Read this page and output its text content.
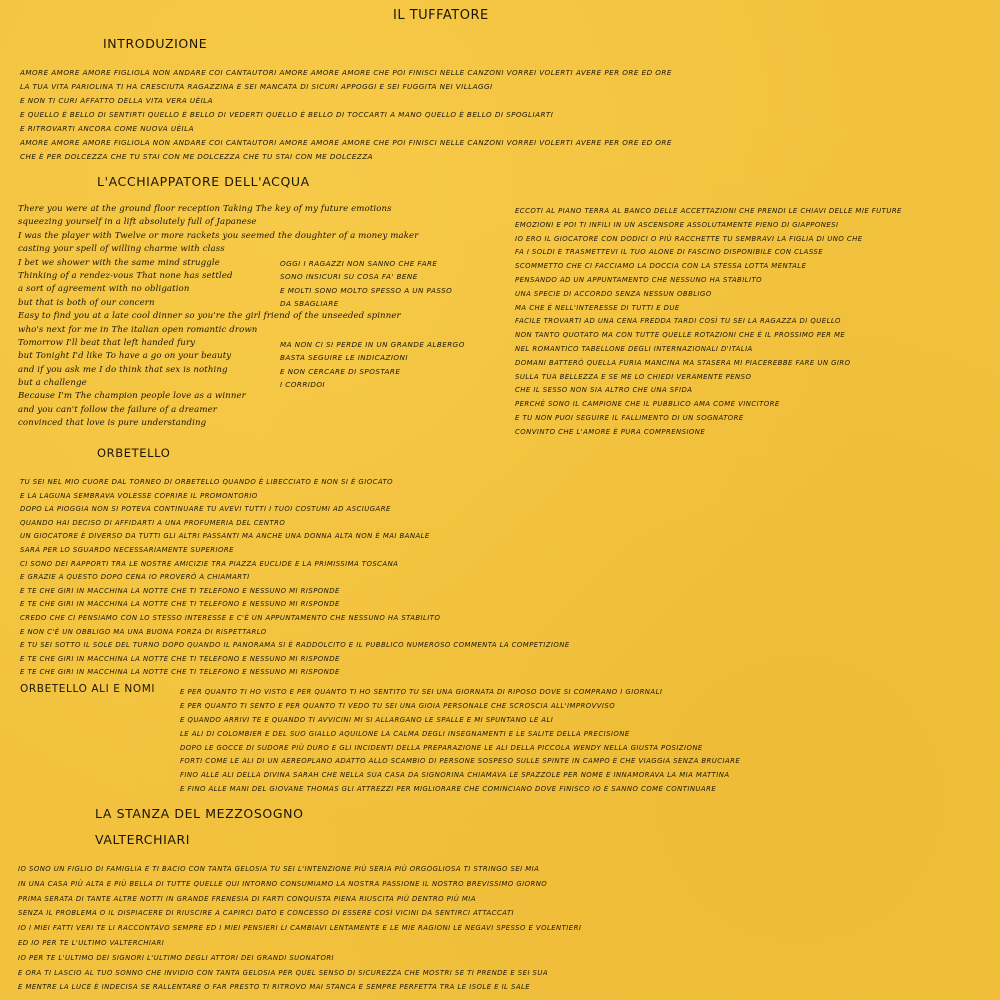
IL TUFFATORE
INTRODUZIONE
AMORE AMORE AMORE FIGLIOLA NON ANDARE COI CANTAUTORI AMORE AMORE AMORE CHE POI FINISCI NELLE CANZONI VORREI VOLERTI AVERE PER ORE ED ORE
LA TUA VITA PARIOLINA TI HA CRESCIUTA RAGAZZINA E SEI MANCATA DI SICURI APPOGGI E SEI FUGGITA NEI VILLAGGI
E NON TI CURI AFFATTO DELLA VITA VERA UÈILA
E QUELLO È BELLO DI SENTIRTI QUELLO È BELLO DI VEDERTI QUELLO È BELLO DI TOCCARTI A MANO QUELLO È BELLO DI SPOGLIARTI
E RITROVARTI ANCORA COME NUOVA UÈILA
AMORE AMORE AMORE FIGLIOLA NON ANDARE COI CANTAUTORI AMORE AMORE AMORE CHE POI FINISCI NELLE CANZONI VORREI VOLERTI AVERE PER ORE ED ORE
CHE È PER DOLCEZZA CHE TU STAI CON ME DOLCEZZA CHE TU STAI CON ME DOLCEZZA
L'ACCHIAPPATORE DELL'ACQUA
There you were at the ground floor reception Taking The key of my future emotions
squeezing yourself in a lift absolutely full of Japanese
I was the player with Twelve or more rackets you seemed the doughter of a money maker
casting your spell of willing charme with class
I bet we shower with the same mind struggle
Thinking of a rendez-vous That none has settled
a sort of agreement with no obligation
but that is both of our concern
Easy to find you at a late cool dinner so you're the girl friend of the unseeded spinner
who's next for me in The italian open romantic drown
Tomorrow I'll beat that left handed fury
but Tonight I'd like To have a go on your beauty
and if you ask me I do think that sex is nothing
but a challenge
Because I'm The champion people love as a winner
and you can't follow the failure of a dreamer
convinced that love is pure understanding
OGGI I RAGAZZI NON SANNO CHE FARE
SONO INSICURI SU COSA FA' BENE
E MOLTI SONO MOLTO SPESSO A UN PASSO
DA SBAGLIARE
MA NON CI SI PERDE IN UN GRANDE ALBERGO
BASTA SEGUIRE LE INDICAZIONI
E NON CERCARE DI SPOSTARE
I CORRIDOI
ECCOTI AL PIANO TERRA AL BANCO DELLE ACCETTAZIONI CHE PRENDI LE CHIAVI DELLE MIE FUTURE
EMOZIONI E POI TI INFILI IN UN ASCENSORE ASSOLUTAMENTE PIENO DI GIAPPONESI
IO ERO IL GIOCATORE CON DODICI O PIÙ RACCHETTE TU SEMBRAVI LA FIGLIA DI UNO CHE
FA I SOLDI E TRASMETTEVI IL TUO ALONE DI FASCINO DISPONIBILE CON CLASSE
SCOMMETTO CHE CI FACCIAMO LA DOCCIA CON LA STESSA LOTTA MENTALE
PENSANDO AD UN APPUNTAMENTO CHE NESSUNO HA STABILITO
UNA SPECIE DI ACCORDO SENZA NESSUN OBBLIGO
MA CHE È NELL'INTERESSE DI TUTTI E DUE
FACILE TROVARTI AD UNA CENA FREDDA TARDI COSÌ TU SEI LA RAGAZZA DI QUELLO
NON TANTO QUOTATO MA CON TUTTE QUELLE ROTAZIONI CHE È IL PROSSIMO PER ME
NEL ROMANTICO TABELLONE DEGLI INTERNAZIONALI D'ITALIA
DOMANI BATTERÒ QUELLA FURIA MANCINA MA STASERA MI PIACEREBBE FARE UN GIRO
SULLA TUA BELLEZZA E SE ME LO CHIEDI VERAMENTE PENSO
CHE IL SESSO NON SIA ALTRO CHE UNA SFIDA
PERCHÉ SONO IL CAMPIONE CHE IL PUBBLICO AMA COME VINCITORE
E TU NON PUOI SEGUIRE IL FALLIMENTO DI UN SOGNATORE
CONVINTO CHE L'AMORE È PURA COMPRENSIONE
ORBETELLO
TU SEI NEL MIO CUORE DAL TORNEO DI ORBETELLO QUANDO È LIBECCIATO E NON SI È GIOCATO
E LA LAGUNA SEMBRAVA VOLESSE COPRIRE IL PROMONTORIO
DOPO LA PIOGGIA NON SI POTEVA CONTINUARE TU AVEVI TUTTI I TUOI COSTUMI AD ASCIUGARE
QUANDO HAI DECISO DI AFFIDARTI A UNA PROFUMERIA DEL CENTRO
UN GIOCATORE È DIVERSO DA TUTTI GLI ALTRI PASSANTI MA ANCHE UNA DONNA ALTA NON È MAI BANALE
SARÀ PER LO SGUARDO NECESSARIAMENTE SUPERIORE
CI SONO DEI RAPPORTI TRA LE NOSTRE AMICIZIE TRA PIAZZA EUCLIDE E LA PRIMISSIMA TOSCANA
E GRAZIE A QUESTO DOPO CENA IO PROVERÒ A CHIAMARTI
E TE CHE GIRI IN MACCHINA LA NOTTE CHE TI TELEFONO E NESSUNO MI RISPONDE
E TE CHE GIRI IN MACCHINA LA NOTTE CHE TI TELEFONO E NESSUNO MI RISPONDE
CREDO CHE CI PENSIAMO CON LO STESSO INTERESSE E C'È UN APPUNTAMENTO CHE NESSUNO HA STABILITO
E NON C'È UN OBBLIGO MA UNA BUONA FORZA DI RISPETTARLO
E TU SEI SOTTO IL SOLE DEL TURNO DOPO QUANDO IL PANORAMA SI È RADDOLCITO E IL PUBBLICO NUMEROSO COMMENTA LA COMPETIZIONE
E TE CHE GIRI IN MACCHINA LA NOTTE CHE TI TELEFONO E NESSUNO MI RISPONDE
E TE CHE GIRI IN MACCHINA LA NOTTE CHE TI TELEFONO E NESSUNO MI RISPONDE
ORBETELLO ALI E NOMI	E PER QUANTO TI HO VISTO E PER QUANTO TI HO SENTITO TU SEI UNA GIORNATA DI RIPOSO DOVE SI COMPRANO I GIORNALI
E PER QUANTO TI SENTO E PER QUANTO TI VEDO TU SEI UNA GIOIA PERSONALE CHE SCROSCIA ALL'IMPROVVISO
E QUANDO ARRIVI TE E QUANDO TI AVVICINI MI SI ALLARGANO LE SPALLE E MI SPUNTANO LE ALI
LE ALI DI COLOMBIER E DEL SUO GIALLO AQUILONE LA CALMA DEGLI INSEGNAMENTI E LE SALITE DELLA PRECISIONE
DOPO LE GOCCE DI SUDORE PIÙ DURO E GLI INCIDENTI DELLA PREPARAZIONE LE ALI DELLA PICCOLA WENDY NELLA GIUSTA POSIZIONE
FORTI COME LE ALI DI UN AEREOPLANO ADATTO ALLO SCAMBIO DI PERSONE SOSPESO SULLE SPINTE IN CAMPO E CHE VIAGGIA SENZA BRUCIARE
FINO ALLE ALI DELLA DIVINA SARAH CHE NELLA SUA CASA DA SIGNORINA CHIAMAVA LE SPAZZOLE PER NOME E INNAMORAVA LA MIA MATTINA
E FINO ALLE MANI DEL GIOVANE THOMAS GLI ATTREZZI PER MIGLIORARE CHE COMINCIANO DOVE FINISCO IO E SANNO COME CONTINUARE
LA STANZA DEL MEZZOSOGNO
VALTERCHIARI
IO SONO UN FIGLIO DI FAMIGLIA E TI BACIO CON TANTA GELOSIA TU SEI L'INTENZIONE PIÙ SERIA PIÙ ORGOGLIOSA TI STRINGO SEI MIA
IN UNA CASA PIÙ ALTA E PIÙ BELLA DI TUTTE QUELLE QUI INTORNO CONSUMIAMO LA NOSTRA PASSIONE IL NOSTRO BREVISSIMO GIORNO
PRIMA SERATA DI TANTE ALTRE NOTTI IN GRANDE FRENESIA DI FARTI CONQUISTA PIENA RIUSCITA PIÙ DENTRO PIÙ MIA
SENZA IL PROBLEMA O IL DISPIACERE DI RIUSCIRE A CAPIRCI DATO E CONCESSO DI ESSERE COSÌ VICINI DA SENTIRCI ATTACCATI
IO I MIEI FATTI VERI TE LI RACCONTAVO SEMPRE ED I MIEI PENSIERI LI CAMBIAVI LENTAMENTE E LE MIE RAGIONI LE NEGAVI SPESSO E VOLENTIERI
ED IO PER TE L'ULTIMO VALTERCHIARI
IO PER TE L'ULTIMO DEI SIGNORI L'ULTIMO DEGLI ATTORI DEI GRANDI SUONATORI
E ORA TI LASCIO AL TUO SONNO CHE INVIDIO CON TANTA GELOSIA PER QUEL SENSO DI SICUREZZA CHE MOSTRI SE TI PRENDE E SEI SUA
E MENTRE LA LUCE È INDECISA SE RALLENTARE O FAR PRESTO TI RITROVO MAI STANCA E SEMPRE PERFETTA TRA LE ISOLE E IL SALE
